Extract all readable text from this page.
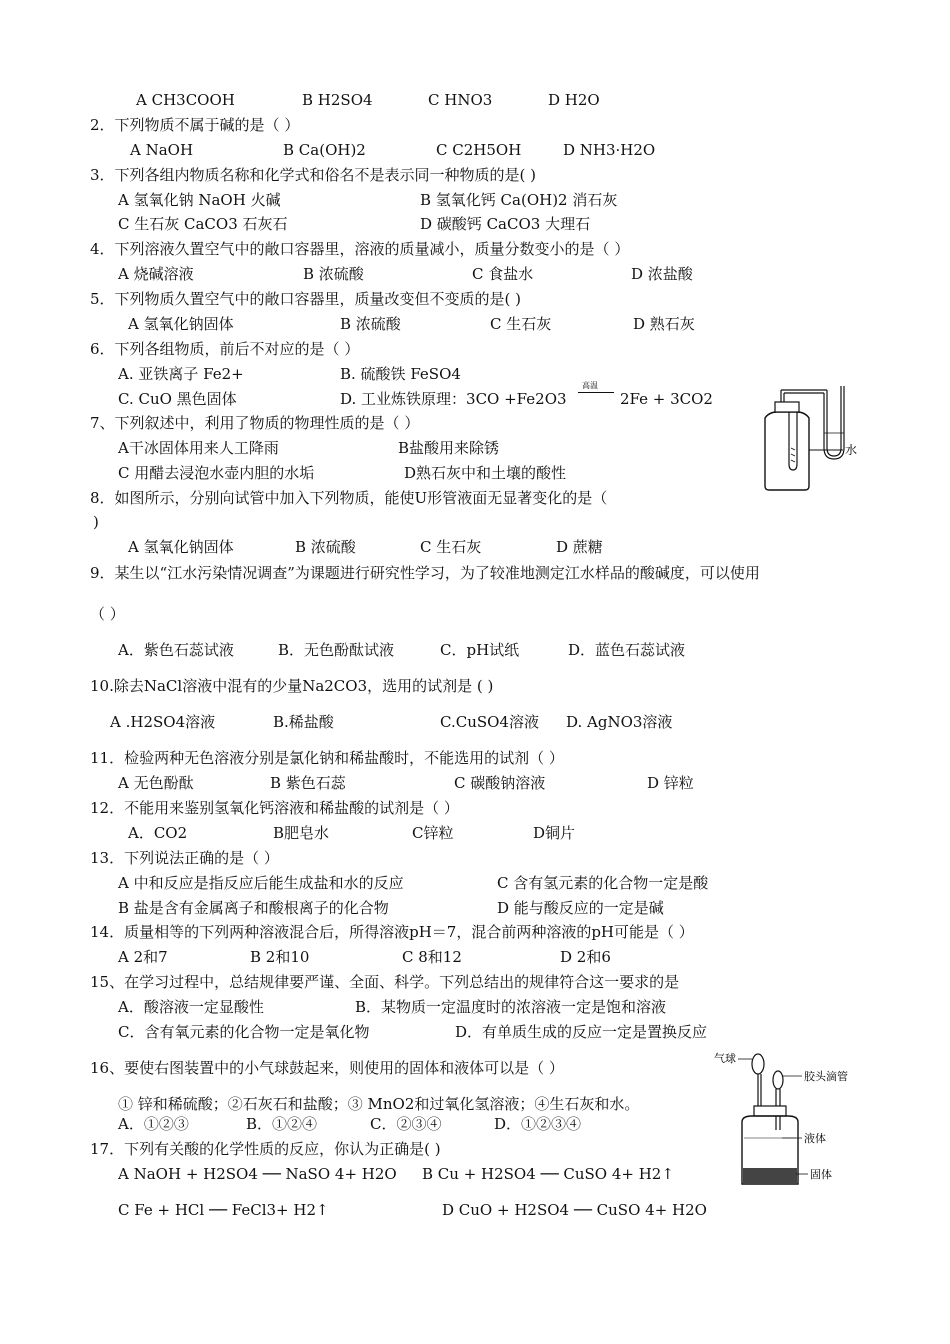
A CH3COOH	B H2SO4	C HNO3	D H2O
2．下列物质不属于碱的是（ ）
A NaOH	B Ca(OH)2	C C2H5OH	D NH3·H2O
3．下列各组内物质名称和化学式和俗名不是表示同一种物质的是( )
A 氢氧化钠 NaOH 火碱	B 氢氧化钙 Ca(OH)2 消石灰
C 生石灰 CaCO3 石灰石	D 碳酸钙 CaCO3 大理石
4．下列溶液久置空气中的敞口容器里，溶液的质量减小，质量分数变小的是（ ）
A 烧碱溶液	B 浓硫酸	C 食盐水	D 浓盐酸
5．下列物质久置空气中的敞口容器里，质量改变但不变质的是( )
A 氢氧化钠固体	B 浓硫酸	C 生石灰	D 熟石灰
6．下列各组物质，前后不对应的是（ ）
A. 亚铁离子 Fe2+	B. 硫酸铁 FeSO4
C. CuO 黑色固体	D. 工业炼铁原理：3CO +Fe2O3
高温
2Fe + 3CO2
水
7、下列叙述中，利用了物质的物理性质的是（ ）
A干冰固体用来人工降雨	B盐酸用来除锈
C 用醋去浸泡水壶内胆的水垢	D熟石灰中和土壤的酸性
8．如图所示，分别向试管中加入下列物质，能使U形管液面无显著变化的是（
)
A 氢氧化钠固体	B 浓硫酸	C 生石灰	D 蔗糖
9．某生以“江水污染情况调查”为课题进行研究性学习，为了较准地测定江水样品的酸碱度，可以使用
（ ）
A．紫色石蕊试液	B．无色酚酞试液	C．pH试纸	D．蓝色石蕊试液
10.除去NaCl溶液中混有的少量Na2CO3，选用的试剂是 ( )
A .H2SO4溶液	B.稀盐酸	C.CuSO4溶液 D. AgNO3溶液
11．检验两种无色溶液分别是氯化钠和稀盐酸时，不能选用的试剂（ ）
A 无色酚酞	B 紫色石蕊	C 碳酸钠溶液	D 锌粒
12．不能用来鉴别氢氧化钙溶液和稀盐酸的试剂是（ ）
A．CO2	B肥皂水	C锌粒	D铜片
13．下列说法正确的是（ ）
A 中和反应是指反应后能生成盐和水的反应	C 含有氢元素的化合物一定是酸
B 盐是含有金属离子和酸根离子的化合物	D 能与酸反应的一定是碱
14．质量相等的下列两种溶液混合后，所得溶液pH＝7，混合前两种溶液的pH可能是（ ）
A 2和7	B 2和10	C 8和12	D 2和6
15、在学习过程中，总结规律要严谨、全面、科学。下列总结出的规律符合这一要求的是
A．酸溶液一定显酸性	B．某物质一定温度时的浓溶液一定是饱和溶液
C．含有氧元素的化合物一定是氧化物	D．有单质生成的反应一定是置换反应
16、要使右图装置中的小气球鼓起来，则使用的固体和液体可以是（ ）
① 锌和稀硫酸；②石灰石和盐酸；③ MnO2和过氧化氢溶液；④生石灰和水。
A．①②③	B．①②④	C．②③④	D．①②③④
气球
胶头滴管
液体
固体
17．下列有关酸的化学性质的反应，你认为正确是( )
A NaOH + H2SO4 ── NaSO 4+ H2O B Cu + H2SO4 ── CuSO 4+ H2↑
C Fe + HCl ── FeCl3+ H2↑	D CuO + H2SO4 ── CuSO 4+ H2O
